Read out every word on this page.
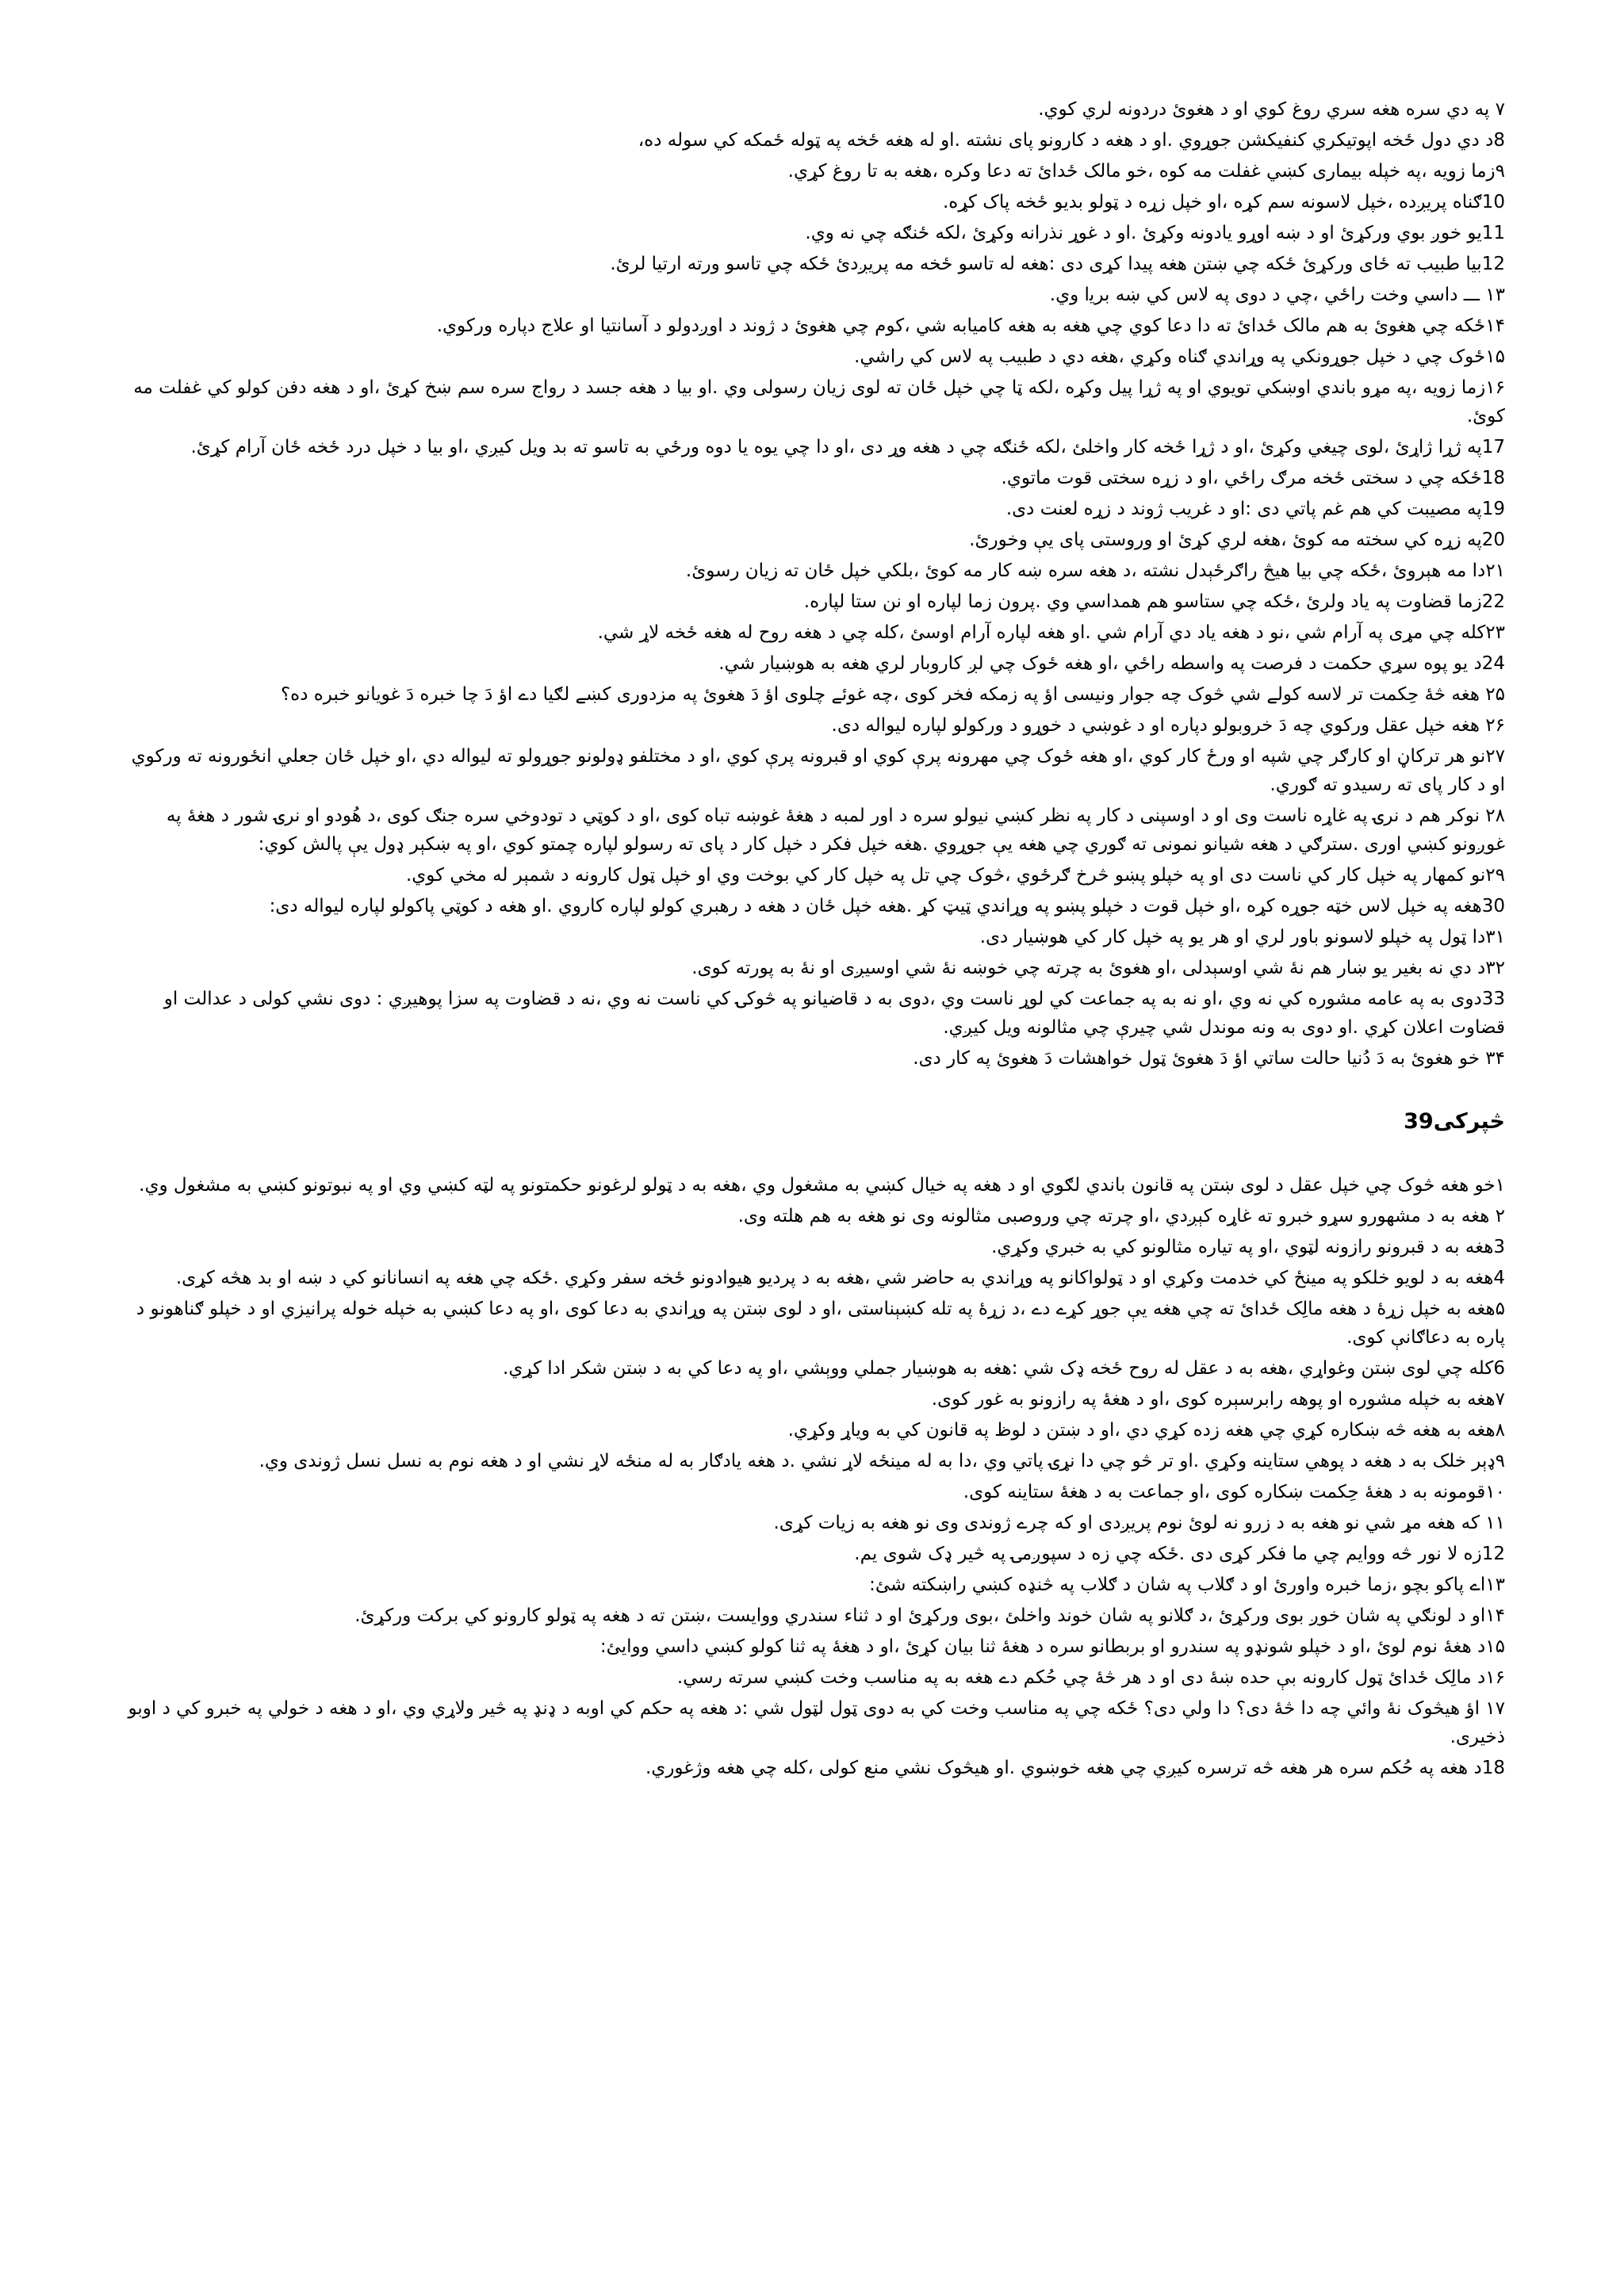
۷ په دي سره هغه سري روغ کوي او د هغوئ دردونه لري کوي.

8د دي دول ځخه اپوتيکري کنفيکشن جوړوي .او د هغه د کارونو پای نشته .او له هغه ځخه په ټوله ځمکه کي سوله ده،

۹زما زويه ،په خپله بيماری کښي غفلت مه کوه ،خو مالک ځدائ ته دعا وکره ،هغه به تا روغ کړي.

10ګناه پريږده ،خپل لاسونه سم کړه ،او خپل زړه د ټولو بديو ځخه پاک کړه.

11يو خوږ بوي ورکړئ او د ښه اوړو يادونه وکړئ .او د غوړ نذرانه وکړئ ،لکه ځنګه چي نه وي.

12بيا طبيب ته ځای ورکړئ ځکه چي ښتن هغه پيدا کړی دی :هغه له تاسو ځخه مه پريږدئ ځکه چي تاسو ورته ارتيا لرئ.

۱۳ ـــ داسي وخت راځي ،چي د دوی په لاس کي ښه برﯾا وي.

۱۴ځکه چي هغوئ به هم مالک ځدائ ته دا دعا کوي چي هغه به هغه کامیابه شي ،کوم چي هغوئ د ژوند د اوږدولو د آسانتیا او علاج دپاره ورکوي.

۱۵ځوک چي د خپل جوړونکي په وړاندي ګناه وکړي ،هغه دي د طبيب په لاس کي راشي.

۱۶زما زويه ،په مړو باندي اوښکي تويوي او په ژړا پيل وکړه ،لکه ټا چي خپل ځان ته لوی زيان رسولی وي .او بيا د هغه جسد د رواج سره سم ښخ کړئ ،او د هغه دفن کولو کي غفلت مه کوئ.

17په ژړا ژاړئ ،لوی چيغي وکړئ ،او د ژړا ځخه کار واخلئ ،لکه ځنګه چي د هغه وړ دی ،او دا چي يوه يا دوه ورځي به تاسو ته بد ويل کيږي ،او بيا د خپل درد ځخه ځان آرام کړئ.

18ځکه چي د سختی ځخه مرګ راځي ،او د زړه سختی قوت ماتوي.

19په مصيبت کي هم غم پاتي دی :او د غريب ژوند د زړه لعنت دی.

20په زړه کي سخته مه کوئ ،هغه لري کړئ او وروستی پای يې وخورئ.

۲۱دا مه هېروئ ،ځکه چي بيا هيڅ راګرځېدل نشته ،د هغه سره ښه کار مه کوئ ،بلکي خپل ځان ته زيان رسوئ.

22زما قضاوت په ياد ولرئ ،ځکه چي ستاسو هم همداسي وي .پرون زما لپاره او نن ستا لپاره.

۲۳کله چي مړی په آرام شي ،نو د هغه ياد دي آرام شي .او هغه لپاره آرام اوسئ ،کله چي د هغه روح له هغه ځخه لاړ شي.

24د يو پوه سړي حکمت د فرصت په واسطه راځي ،او هغه ځوک چي لږ کاروبار لري هغه به هوښيار شي.

۲۵ هغه څهٔ حِکمت تر لاسه کولے شي څوک چه جوار ونيسی اؤ په زمکه فخر کوی ،چه غوئے چلوی اؤ دَ هغوئ په مزدوری کښے لګيا دے اؤ دَ چا خبره دَ غويانو خبره ده؟

۲۶ هغه خپل عقل ورکوي چه دَ خروبولو دپاره او د غوښي د خوړو د ورکولو لپاره ليواله دی.

۲۷نو هر ترکاڼ او کارګر چي شپه او ورځ کار کوي ،او هغه ځوک چي مهرونه پرې کوي او قبرونه پرې کوي ،او د مختلفو ډولونو جوړولو ته ليواله دي ،او خپل ځان جعلي انځورونه ته ورکوي او د کار پای ته رسيدو ته ګوري.

۲۸ نوکر هم د نرۍ په غاړه ناست وی او د اوسپنی د کار په نظر کښي نيولو سره د اور لمبه د هغهٔ غوښه تباه کوی ،او د کوټي د تودوخي سره جنګ کوی ،د هُودو او نرۍ شور د هغهٔ په غوږونو کښي اوری .سترګي د هغه شيانو نمونی ته ګوري چي هغه يې جوړوي .هغه خپل فکر د خپل کار د پای ته رسولو لپاره چمتو کوي ،او په ښکېر ډول يې پالش کوي:

۲۹نو کمهار په خپل کار کي ناست دی او په خپلو پښو څرخ ګرځوي ،څوک چي تل په خپل کار کي بوخت وي او خپل ټول کارونه د شمېر له مخي کوي.

30هغه په خپل لاس خټه جوړه کړه ،او خپل قوت د خپلو پښو په وړاندي ټيټ کړ .هغه خپل ځان د هغه د رهبري کولو لپاره کاروي .او هغه د کوټي پاکولو لپاره ليواله دی:

۳۱دا ټول په خپلو لاسونو باور لري او هر يو په خپل کار کي هوښيار دی.

۳۲د دي نه بغير يو ښار هم نهٔ شي اوسېدلی ،او هغوئ به چرته چي خوښه نهٔ شي اوسيږی او نهٔ به پورته کوی.

33دوی به په عامه مشوره کي نه وي ،او نه به په جماعت کي لوړ ناست وي ،دوی به د قاضيانو په څوکۍ کي ناست نه وي ،نه د قضاوت په سزا پوهيږي : دوی نشي کولی د عدالت او قضاوت اعلان کړي .او دوی به ونه موندل شي چيرې چي مثالونه ويل کيږي.

۳۴ خو هغوئ به دَ دُنيا حالت ساتي اؤ دَ هغوئ ټول خواهشات دَ هغوئ په کار دی.

څپرکی39

۱خو هغه څوک چي خپل عقل د لوی ښتن په قانون باندي لګوي او د هغه په خيال کښي به مشغول وي ،هغه به د ټولو لرغونو حکمتونو په لټه کښي وي او په نبوتونو کښي به مشغول وي.

۲ هغه به د مشهورو سړو خبرو ته غاړه کېږدي ،او چرته چي وروصبی مثالونه وی نو هغه به هم هلته وی.

3هغه به د قبرونو رازونه لټوي ،او په تياره مثالونو کي به خبري وکړي.

4هغه به د لويو خلکو په مينځ کي خدمت وکړي او د ټولواکانو په وړاندي به حاضر شي ،هغه به د پرديو هيوادونو ځخه سفر وکړي .ځکه چي هغه په انسانانو کي د ښه او بد هڅه کړی.

۵هغه به خپل زړهٔ د هغه مالِک ځدائ ته چي هغه يې جوړ کړے دے ،د زړهٔ په تله کښېناستی ،او د لوی ښتن په وړاندي به دعا کوی ،او په دعا کښي به خپله خوله پرانيزي او د خپلو ګناهونو د پاره به دعاګانې کوی.

6کله چي لوی ښتن وغواړي ،هغه به د عقل له روح ځخه ډک شي :هغه به هوښيار جملي ووېشي ،او په دعا کي به د ښتن شکر ادا کړي.

۷هغه به خپله مشوره او پوهه رابرسېره کوی ،او د هغهٔ په رازونو به غور کوی.

۸هغه به هغه څه ښکاره کړي چي هغه زده کړي دي ،او د ښتن د لوظ په قانون کي به وياړ وکړي.

۹ډېر خلک به د هغه د پوهي ستاينه وکړي .او تر څو چي دا نړۍ پاتي وي ،دا به له مينځه لاړ نشي .د هغه يادګار به له منځه لاړ نشي او د هغه نوم به نسل نسل ژوندی وي.

۱۰قومونه به د هغهٔ حِکمت ښکاره کوی ،او جماعت به د هغهٔ ستاينه کوی.

۱۱ که هغه مړ شي نو هغه به د زرو نه لوئ نوم پريږدی او که چرے ژوندی وی نو هغه به زيات کړی.

12زه لا نور څه ووايم چي ما فکر کړی دی .ځکه چي زه د سپوږمۍ په څير ډک شوی يم.

۱۳اے پاکو بچو ،زما خبره واورئ او د ګلاب په شان د ګلاب په څنډه کښي راښکته شئ:

۱۴او د لونګي په شان خوږ بوی ورکړئ ،د ګلانو په شان خوند واخلئ ،بوی ورکړئ او د ثناء سندري ووايست ،ښتن ته د هغه په ټولو کارونو کي برکت ورکړئ.

۱۵د هغهٔ نوم لوئ ،او د خپلو شونډو په سندرو او بربطانو سره د هغهٔ ثنا بيان کړئ ،او د هغهٔ په ثنا کولو کښي داسي ووايئ:

۱۶د مالِک ځدائ ټول کارونه بې حده ښهٔ دی او د هر څهٔ چي حُکم دے هغه به په مناسب وخت کښي سرته رسي.

۱۷ اؤ هيڅوک نهٔ وائي چه دا څهٔ دی؟ دا ولي دی؟ ځکه چي په مناسب وخت کي به دوی ټول لټول شي :د هغه په حکم کي اوبه د ډنډ په څير ولاړي وي ،او د هغه د خولي په خبرو کي د اوبو ذخيری.

18د هغه په حُکم سره هر هغه څه ترسره کيږي چي هغه خوښوي .او هيڅوک نشي منع کولی ،کله چي هغه وژغوري.
